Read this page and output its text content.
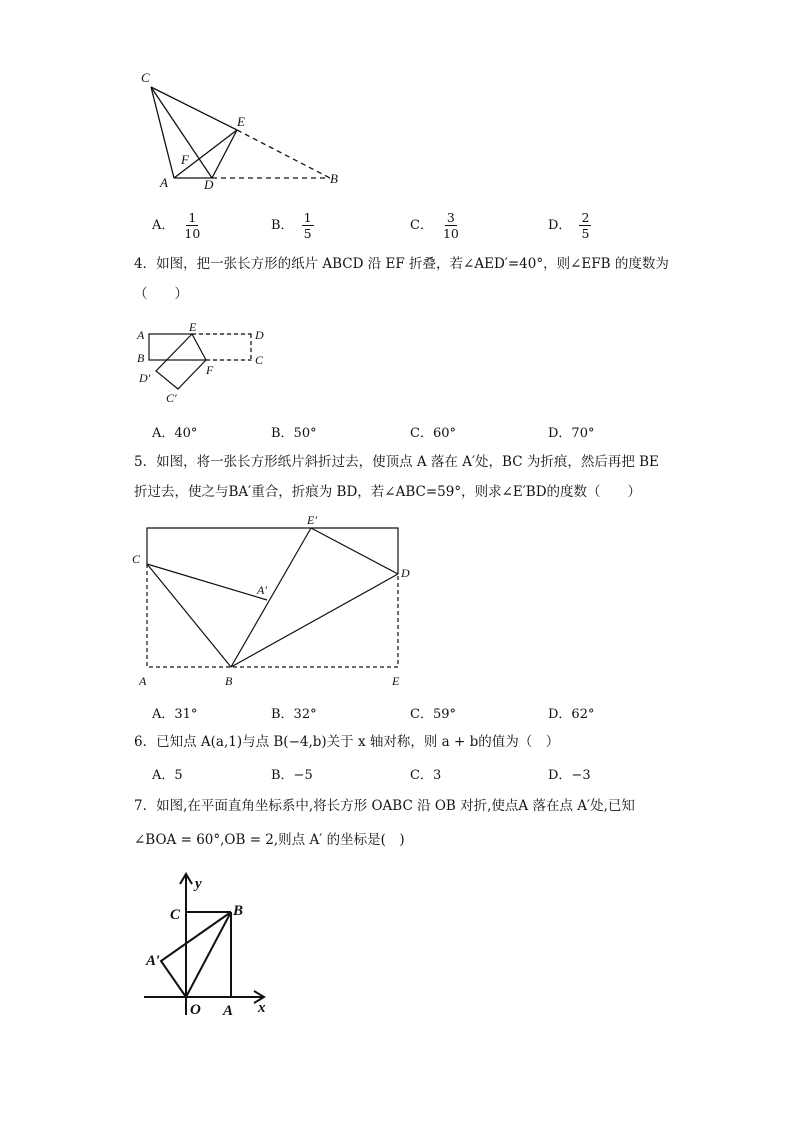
C
E
F
A	D	B
A． $\frac{1}{10}$	B． $\frac{1}{5}$	C． $\frac{3}{10}$	D． $\frac{2}{5}$
4．如图，把一张长方形的纸片 ABCD 沿 EF 折叠，若∠AED′=40°，则∠EFB 的度数为
（　　）
A
E
D
B	C
D′
F
C′
A．40°	B．50°	C．60°	D．70°
5．如图，将一张长方形纸片斜折过去，使顶点 A 落在 A′处，BC 为折痕，然后再把 BE
折过去，使之与BA′重合，折痕为 BD，若∠ABC=59°，则求∠E′BD的度数（　　）
E′
C
D
A′
A	B	E
A．31°	B．32°	C．59°	D．62°
6．已知点 A(a,1)与点 B(−4,b)关于 x 轴对称，则 a + b的值为（　）
A．5	B．−5	C．3	D．−3
7．如图,在平面直角坐标系中,将长方形 OABC 沿 OB 对折,使点A 落在点 A′处,已知
∠BOA = 60°,OB = 2,则点 A′ 的坐标是(　)
y
C	B
A′
O A x
